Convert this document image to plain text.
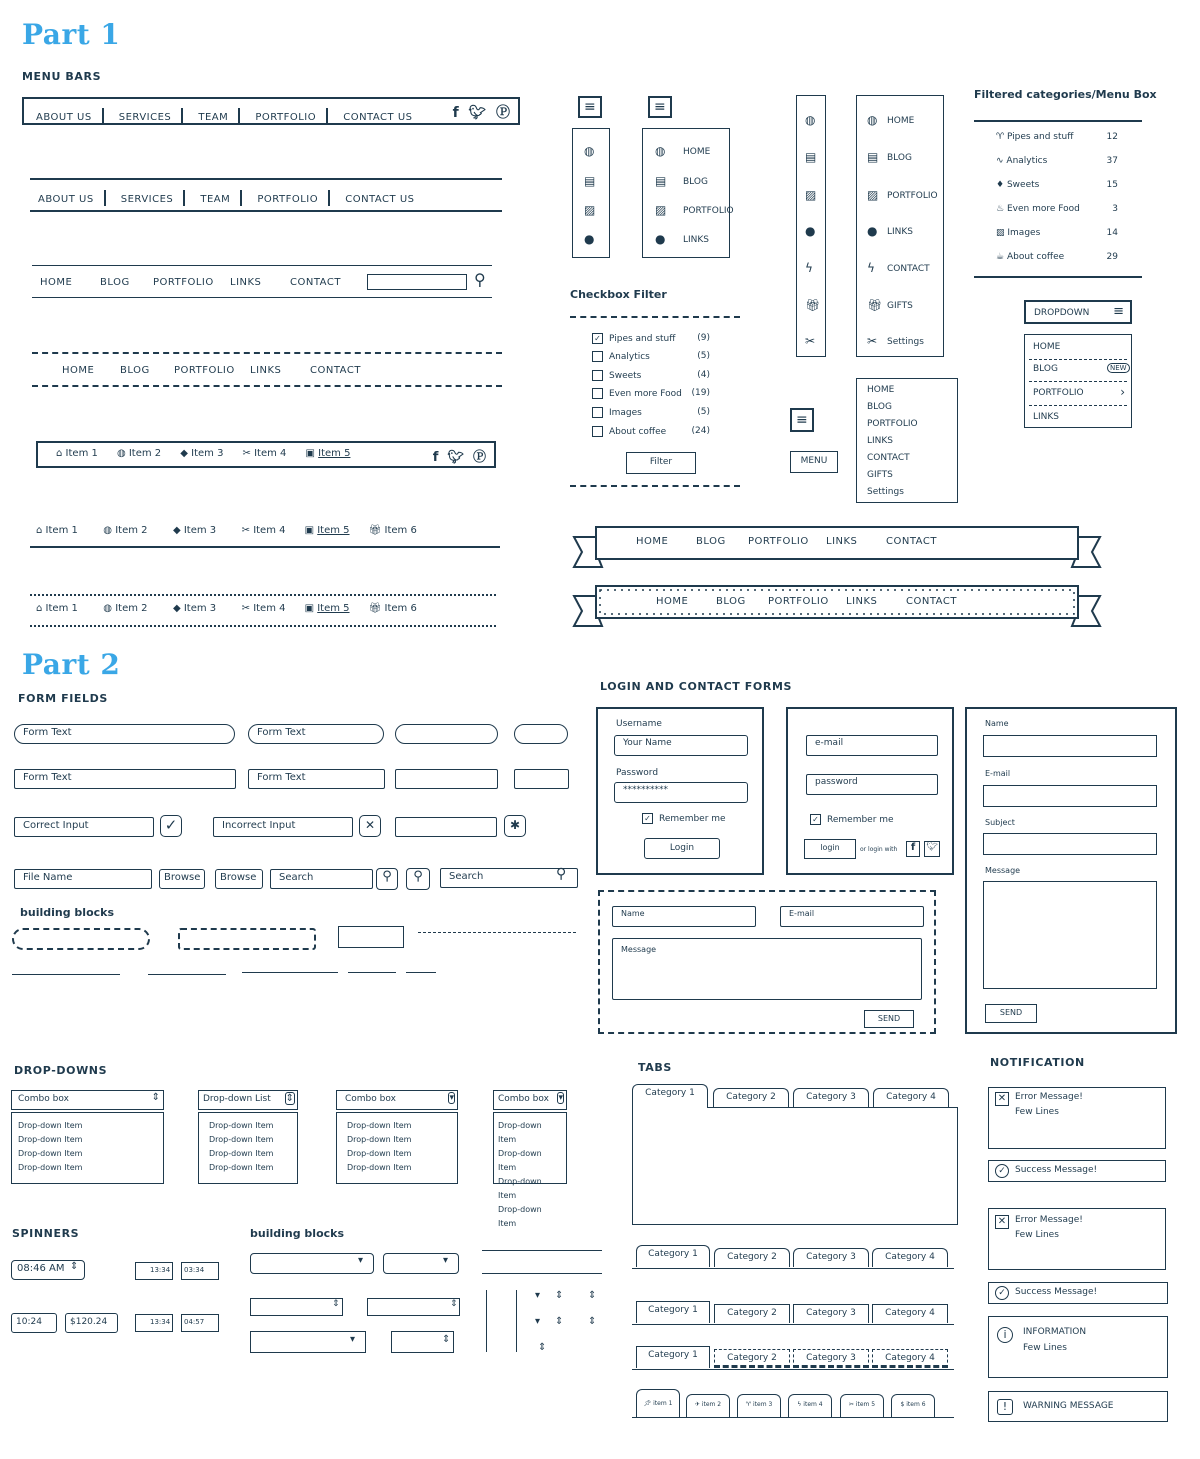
Part 1
MENU BARS
ABOUT US	SERVICES	TEAM	PORTFOLIO	CONTACT US	f 🐦︎ Ⓟ
ABOUT US	SERVICES	TEAM	PORTFOLIO	CONTACT US
HOME	BLOG PORTFOLIO LINKS	CONTACT	⚲
HOME	BLOG PORTFOLIO LINKS	CONTACT
⌂ Item 1 ◍ Item 2 ◆ Item 3 ✂ Item 4 ▣ Item 5	f 🐦︎ Ⓟ
⌂ Item 1	◍ Item 2	◆ Item 3	✂ Item 4 ▣ Item 5 🎁︎ Item 6
⌂ Item 1	◍ Item 2	◆ Item 3	✂ Item 4 ▣ Item 5 🎁︎ Item 6
≡
◍
▤
▨
●
≡
◍ HOME
▤ BLOG
▨ PORTFOLIO
● LINKS
◍
▤
▨
●
ϟ
🎁︎
✂
◍ HOME
▤ BLOG
▨ PORTFOLIO
● LINKS
ϟ CONTACT
🎁︎ GIFTS
✂ Settings
≡
MENU
HOME
BLOG
PORTFOLIO
LINKS
CONTACT
GIFTS
Settings
Filtered categories/Menu Box
♈ Pipes and stuff	12
∿ Analytics	37
♦ Sweets	15
♨ Even more Food	3
▨ Images	14
☕︎ About coffee	29
DROPDOWN ≡
HOME
BLOG	NEW
PORTFOLIO	›
LINKS
Checkbox Filter
✓ Pipes and stuff (9)
Analytics	(5)
Sweets	(4)
Even more Food (19)
Images	(5)
About coffee	(24)
Filter
HOME	BLOG PORTFOLIO LINKS	CONTACT
HOME	BLOG PORTFOLIO LINKS	CONTACT
Part 2
FORM FIELDS
Form Text	Form Text
Form Text	Form Text
Correct Input	✓	Incorrect Input	✕	✱
File Name	Browse	Browse	Search	⚲	⚲	Search	⚲
building blocks
LOGIN AND CONTACT FORMS
Username
Your Name
Password
**********
✓ Remember me
Login
e-mail
password
✓ Remember me
login	or login with	f	🐦︎
Name	E-mail
Message
SEND
Name
E-mail
Subject
Message
SEND
DROP-DOWNS
Combo box	⇕
Drop-down Item
Drop-down Item
Drop-down Item
Drop-down Item
Drop-down List	⇕
Drop-down Item
Drop-down Item
Drop-down Item
Drop-down Item
Combo box	▾
Drop-down Item
Drop-down Item
Drop-down Item
Drop-down Item
Combo box	▾
Drop-down Item
Drop-down Item
Drop-down Item
Drop-down Item
SPINNERS
08:46 AM ⇕	13:34	03:34
10:24	$120.24	13:34	04:57
building blocks
▾	▾
⇕	⇕
▾	⇕
▾ ⇕ ⇕
▾ ⇕ ⇕
⇕
TABS
Category 1	Category 2	Category 3	Category 4
Category 1	Category 2	Category 3	Category 4
Category 1	Category 2	Category 3	Category 4
Category 1	Category 2	Category 3	Category 4
📌︎ item 1	✈ item 2	♈ item 3	ϟ item 4	✂ item 5	$ item 6
NOTIFICATION
✕ Error Message!
Few Lines
✓	Success Message!
✕ Error Message!
Few Lines
✓	Success Message!
i	INFORMATION
Few Lines
!	WARNING MESSAGE
